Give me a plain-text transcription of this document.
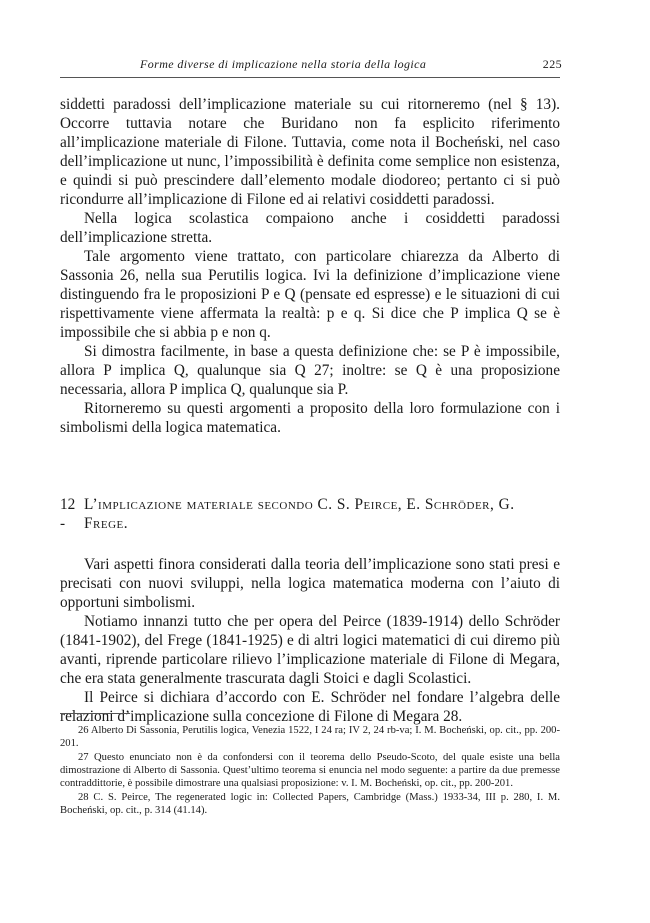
Forme diverse di implicazione nella storia della logica	225

siddetti paradossi dell’implicazione materiale su cui ritorneremo (nel § 13). Occorre tuttavia notare che Buridano non fa esplicito riferimento all’implicazione materiale di Filone. Tuttavia, come nota il Bocheński, nel caso dell’implicazione ut nunc, l’impossibilità è definita come semplice non esistenza, e quindi si può prescindere dall’elemento modale diodoreo; pertanto ci si può ricondurre all’implicazione di Filone ed ai relativi cosiddetti paradossi.

Nella logica scolastica compaiono anche i cosiddetti paradossi dell’implicazione stretta.

Tale argomento viene trattato, con particolare chiarezza da Alberto di Sassonia 26, nella sua Perutilis logica. Ivi la definizione d’implicazione viene distinguendo fra le proposizioni P e Q (pensate ed espresse) e le situazioni di cui rispettivamente viene affermata la realtà: p e q. Si dice che P implica Q se è impossibile che si abbia p e non q.

Si dimostra facilmente, in base a questa definizione che: se P è impossibile, allora P implica Q, qualunque sia Q 27; inoltre: se Q è una proposizione necessaria, allora P implica Q, qualunque sia P.

Ritorneremo su questi argomenti a proposito della loro formulazione con i simbolismi della logica matematica.

12 -
L’implicazione materiale secondo C. S. Peirce, E. Schröder, G. Frege.

Vari aspetti finora considerati dalla teoria dell’implicazione sono stati presi e precisati con nuovi sviluppi, nella logica matematica moderna con l’aiuto di opportuni simbolismi.

Notiamo innanzi tutto che per opera del Peirce (1839-1914) dello Schröder (1841-1902), del Frege (1841-1925) e di altri logici matematici di cui diremo più avanti, riprende particolare rilievo l’implicazione materiale di Filone di Megara, che era stata generalmente trascurata dagli Stoici e dagli Scolastici.

Il Peirce si dichiara d’accordo con E. Schröder nel fondare l’algebra delle relazioni d’implicazione sulla concezione di Filone di Megara 28.

26 Alberto Di Sassonia, Perutilis logica, Venezia 1522, I 24 ra; IV 2, 24 rb-va; I. M. Bocheński, op. cit., pp. 200-201.

27 Questo enunciato non è da confondersi con il teorema dello Pseudo-Scoto, del quale esiste una bella dimostrazione di Alberto di Sassonia. Quest’ultimo teorema si enuncia nel modo seguente: a partire da due premesse contraddittorie, è possibile dimostrare una qualsiasi proposizione: v. I. M. Bocheński, op. cit., pp. 200-201.

28 C. S. Peirce, The regenerated logic in: Collected Papers, Cambridge (Mass.) 1933-34, III p. 280, I. M. Bocheński, op. cit., p. 314 (41.14).
